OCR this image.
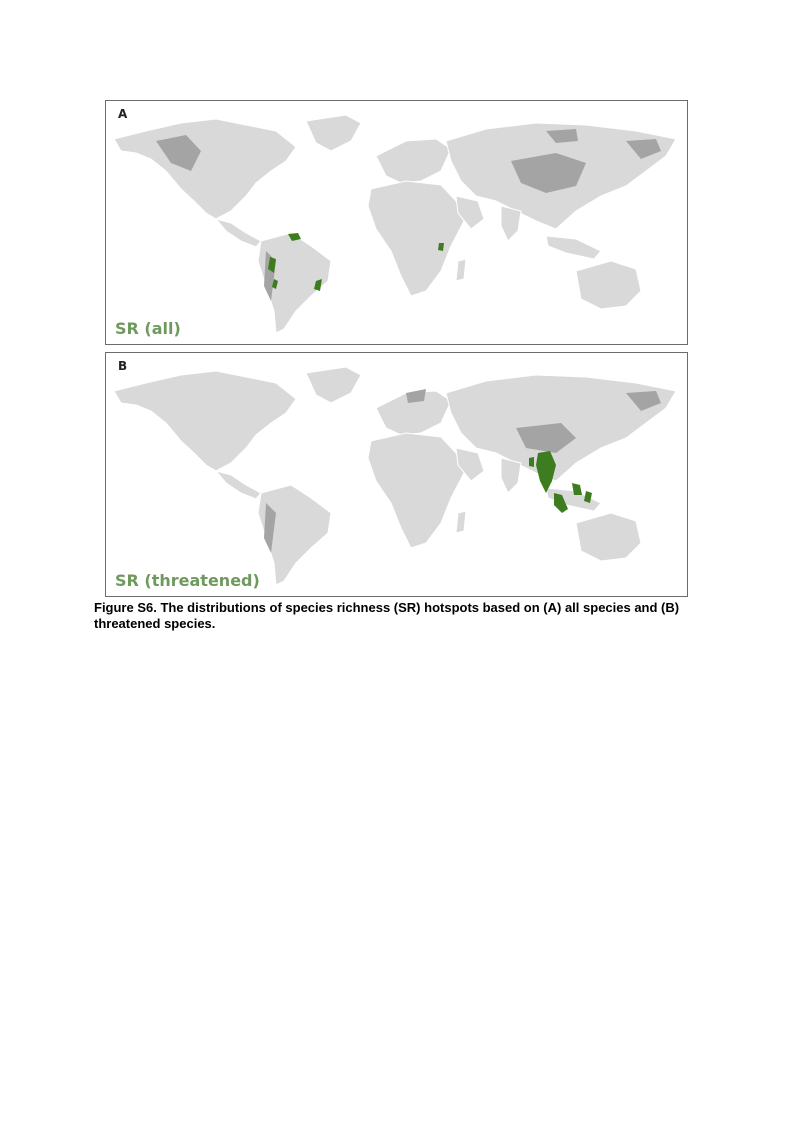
A
SR (all)
B
SR (threatened)

Figure S6. The distributions of species richness (SR) hotspots based on (A) all species and (B) threatened species.
